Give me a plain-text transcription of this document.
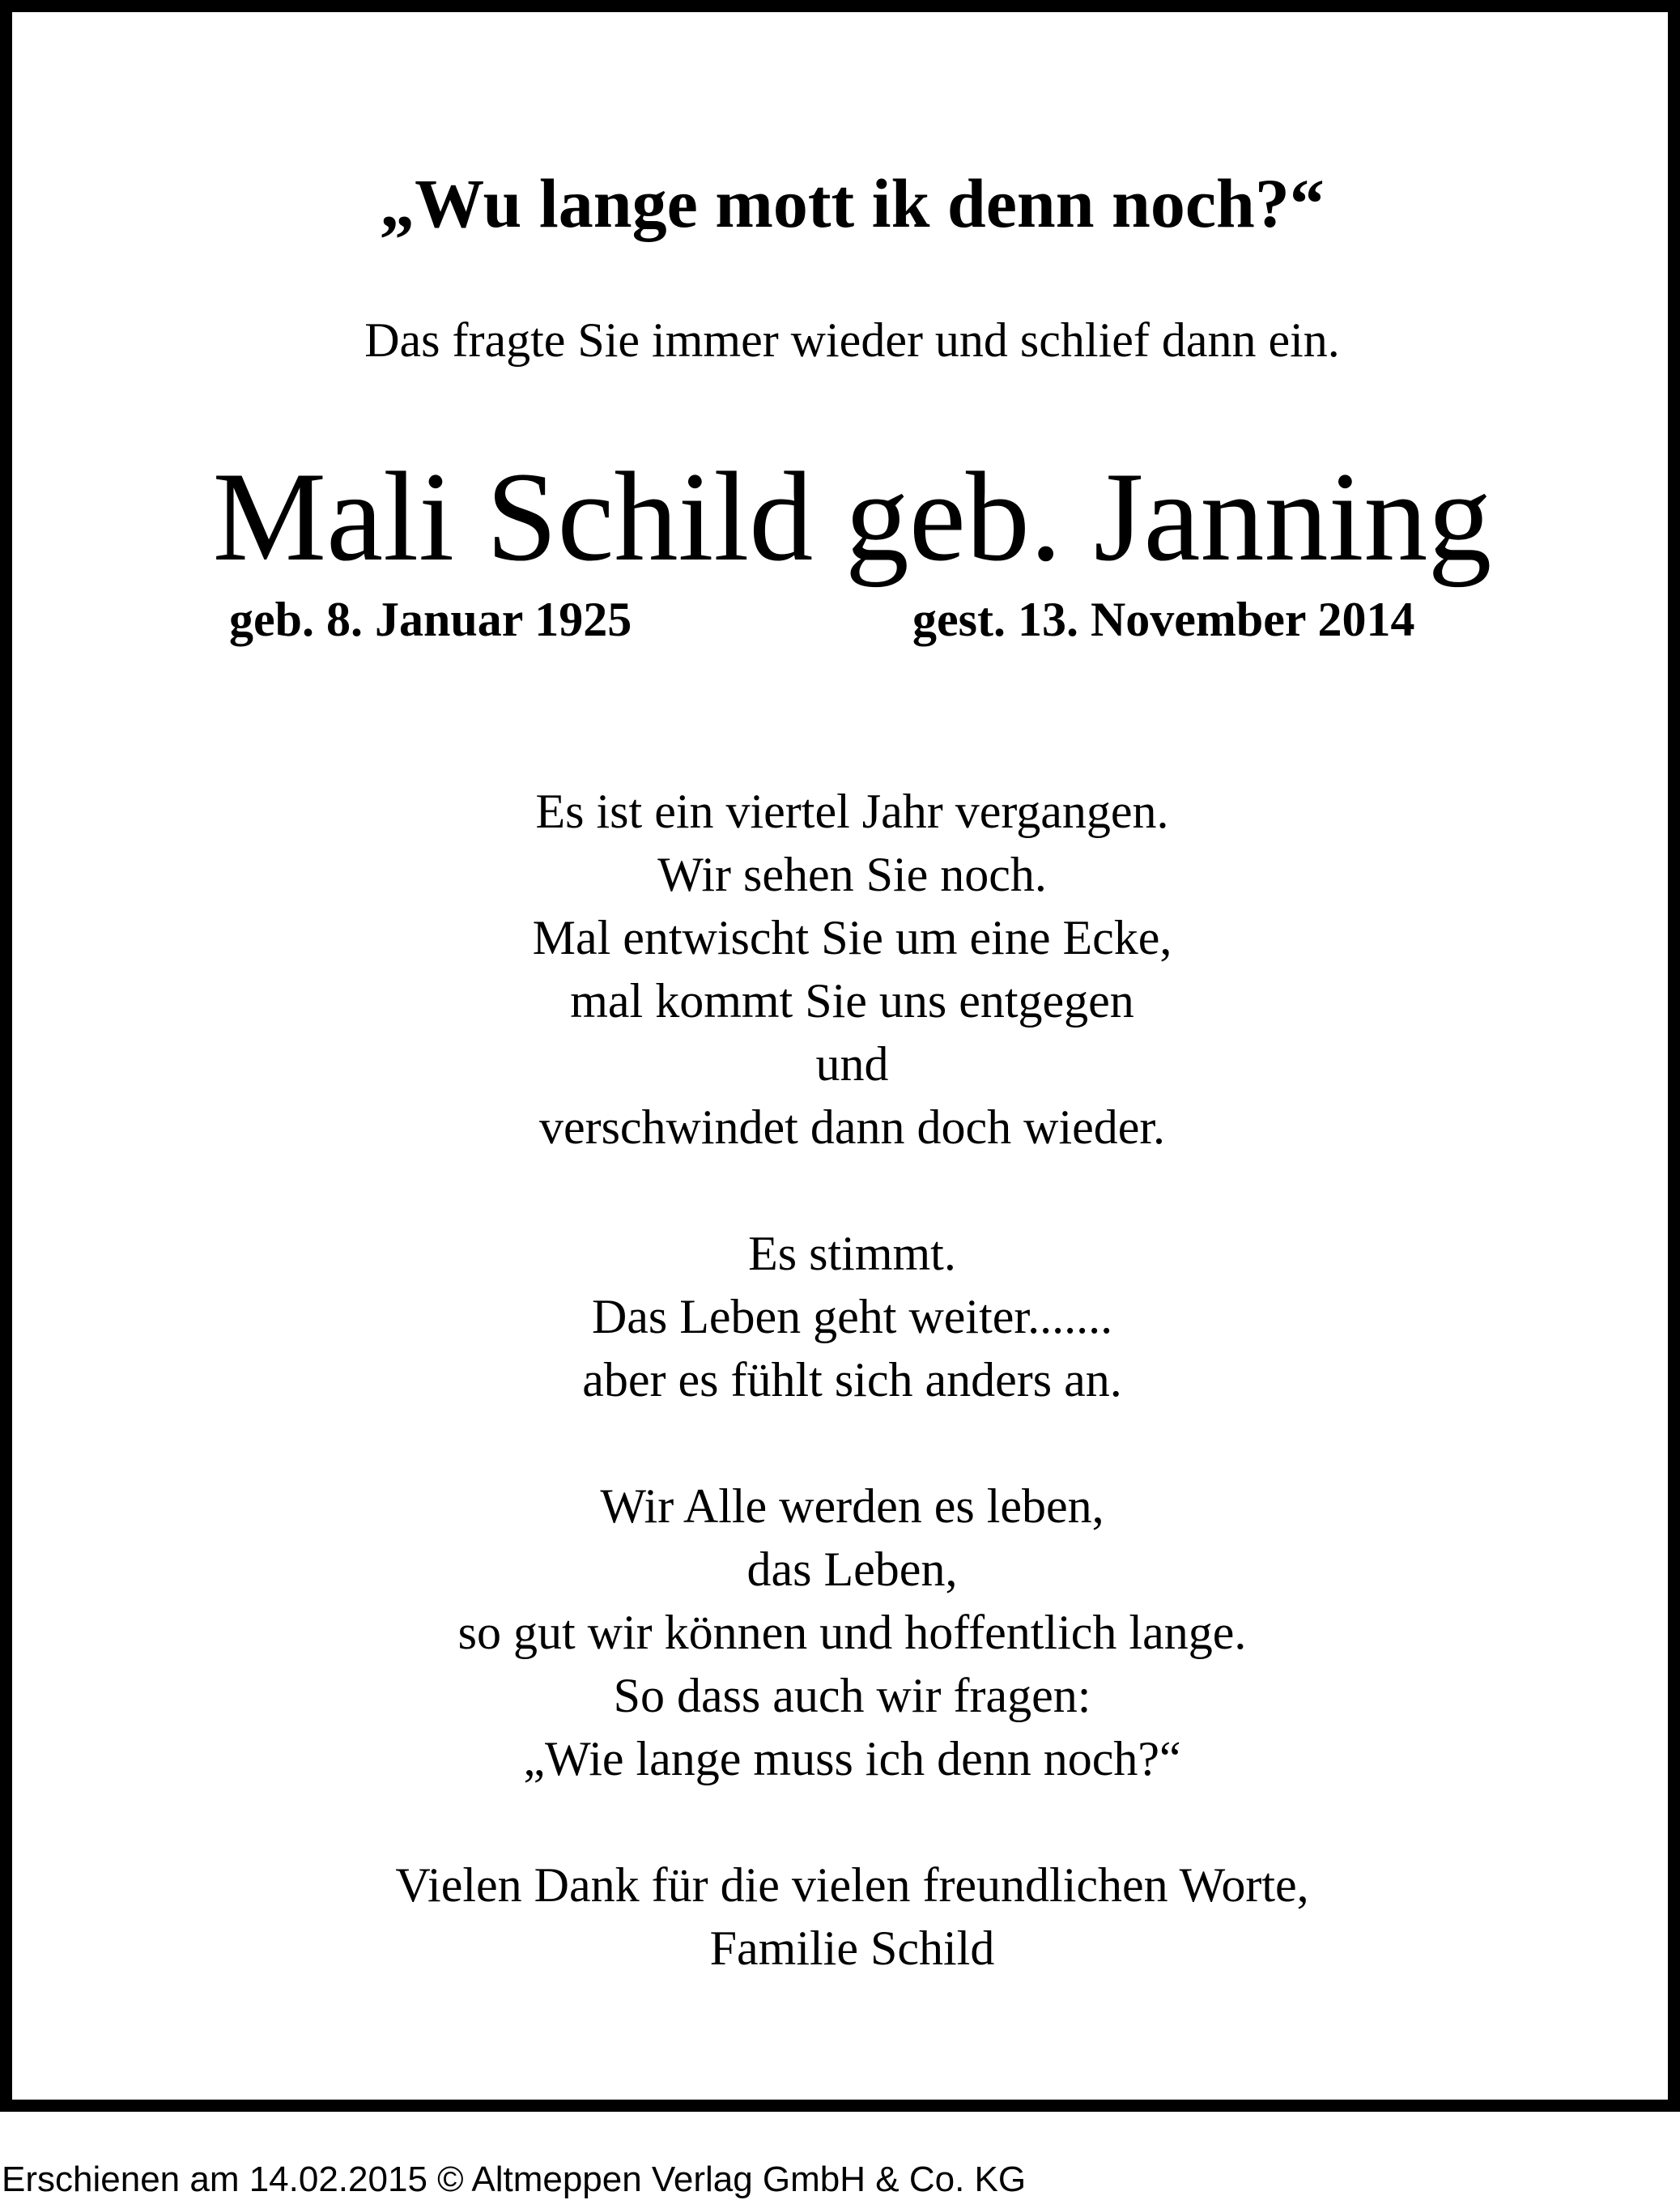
„Wu lange mott ik denn noch?“
Das fragte Sie immer wieder und schlief dann ein.
Mali Schild geb. Janning
geb. 8. Januar 1925	gest. 13. November 2014
Es ist ein viertel Jahr vergangen.
Wir sehen Sie noch.
Mal entwischt Sie um eine Ecke,
mal kommt Sie uns entgegen
und
verschwindet dann doch wieder.
Es stimmt.
Das Leben geht weiter.......
aber es fühlt sich anders an.
Wir Alle werden es leben,
das Leben,
so gut wir können und hoffentlich lange.
So dass auch wir fragen:
„Wie lange muss ich denn noch?“
Vielen Dank für die vielen freundlichen Worte,
Familie Schild
Erschienen am 14.02.2015 © Altmeppen Verlag GmbH & Co. KG
